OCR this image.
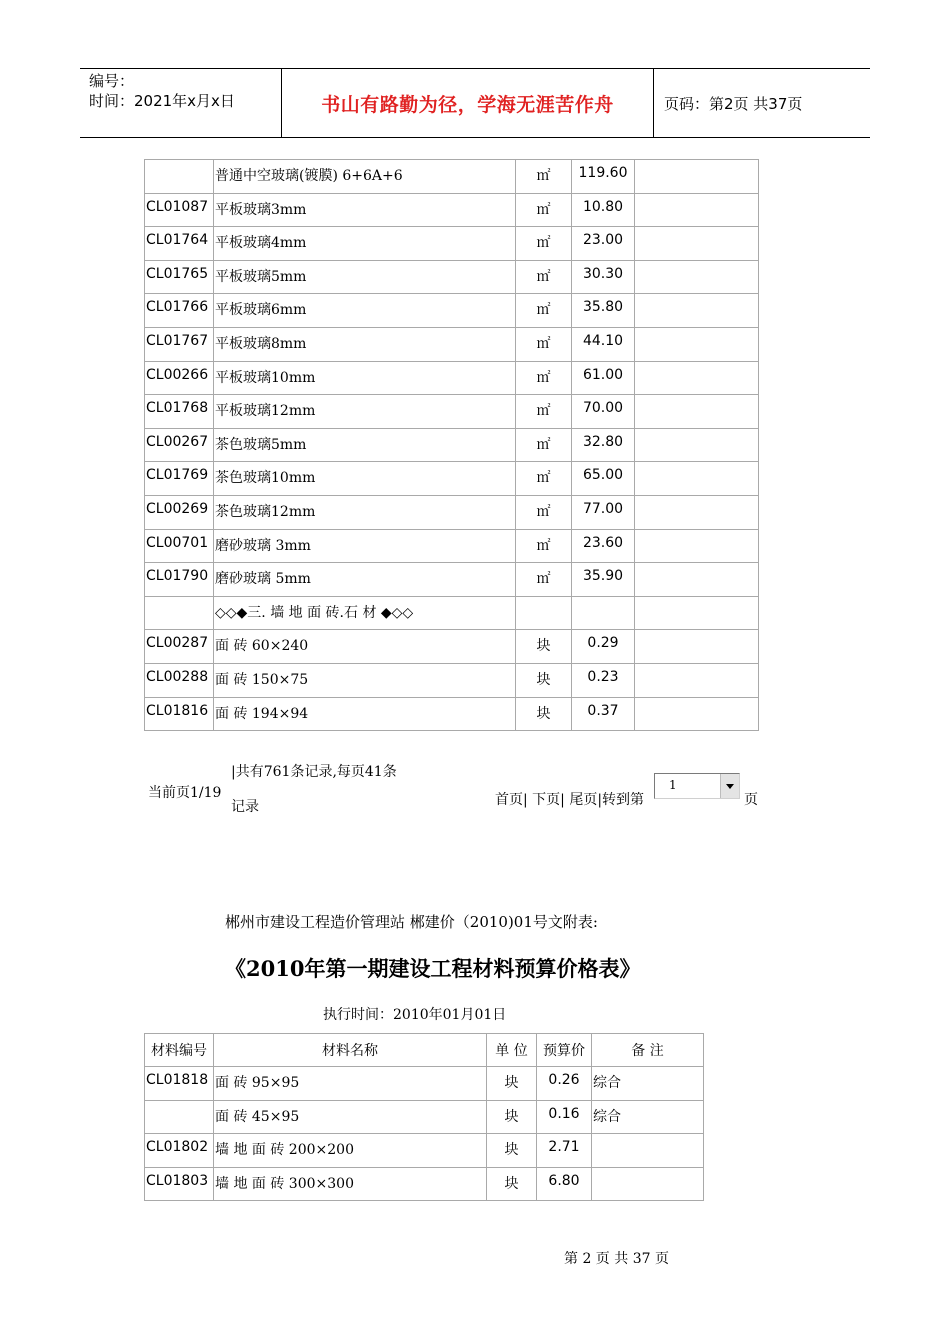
编号：
时间：2021年x月x日	书山有路勤为径，学海无涯苦作舟	页码：第2页 共37页

	普通中空玻璃(镀膜) 6+6A+6	㎡	119.60	

CL01087	平板玻璃3mm	㎡	10.80	

CL01764	平板玻璃4mm	㎡	23.00	

CL01765	平板玻璃5mm	㎡	30.30	

CL01766	平板玻璃6mm	㎡	35.80	

CL01767	平板玻璃8mm	㎡	44.10	

CL00266	平板玻璃10mm	㎡	61.00	

CL01768	平板玻璃12mm	㎡	70.00	

CL00267	茶色玻璃5mm	㎡	32.80	

CL01769	茶色玻璃10mm	㎡	65.00	

CL00269	茶色玻璃12mm	㎡	77.00	

CL00701	磨砂玻璃 3mm	㎡	23.60	

CL01790	磨砂玻璃 5mm	㎡	35.90	

	◇◇◆三. 墙 地 面 砖.石 材 ◆◇◇			

CL00287	面 砖 60×240	块	0.29	

CL00288	面 砖 150×75	块	0.23	

CL01816	面 砖 194×94	块	0.37	

当前页1/19
|共有761条记录,每页41条
记录	首页| 下页| 尾页|转到第
1
页
郴州市建设工程造价管理站 郴建价（2010)01号文附表:
《2010年第一期建设工程材料预算价格表》
执行时间：2010年01月01日
材料编号	材料名称	单 位	预算价	备 注

CL01818	面 砖 95×95	块	0.26	综合

	面 砖 45×95	块	0.16	综合

CL01802	墙 地 面 砖 200×200	块	2.71	

CL01803	墙 地 面 砖 300×300	块	6.80	

第 2 页 共 37 页
